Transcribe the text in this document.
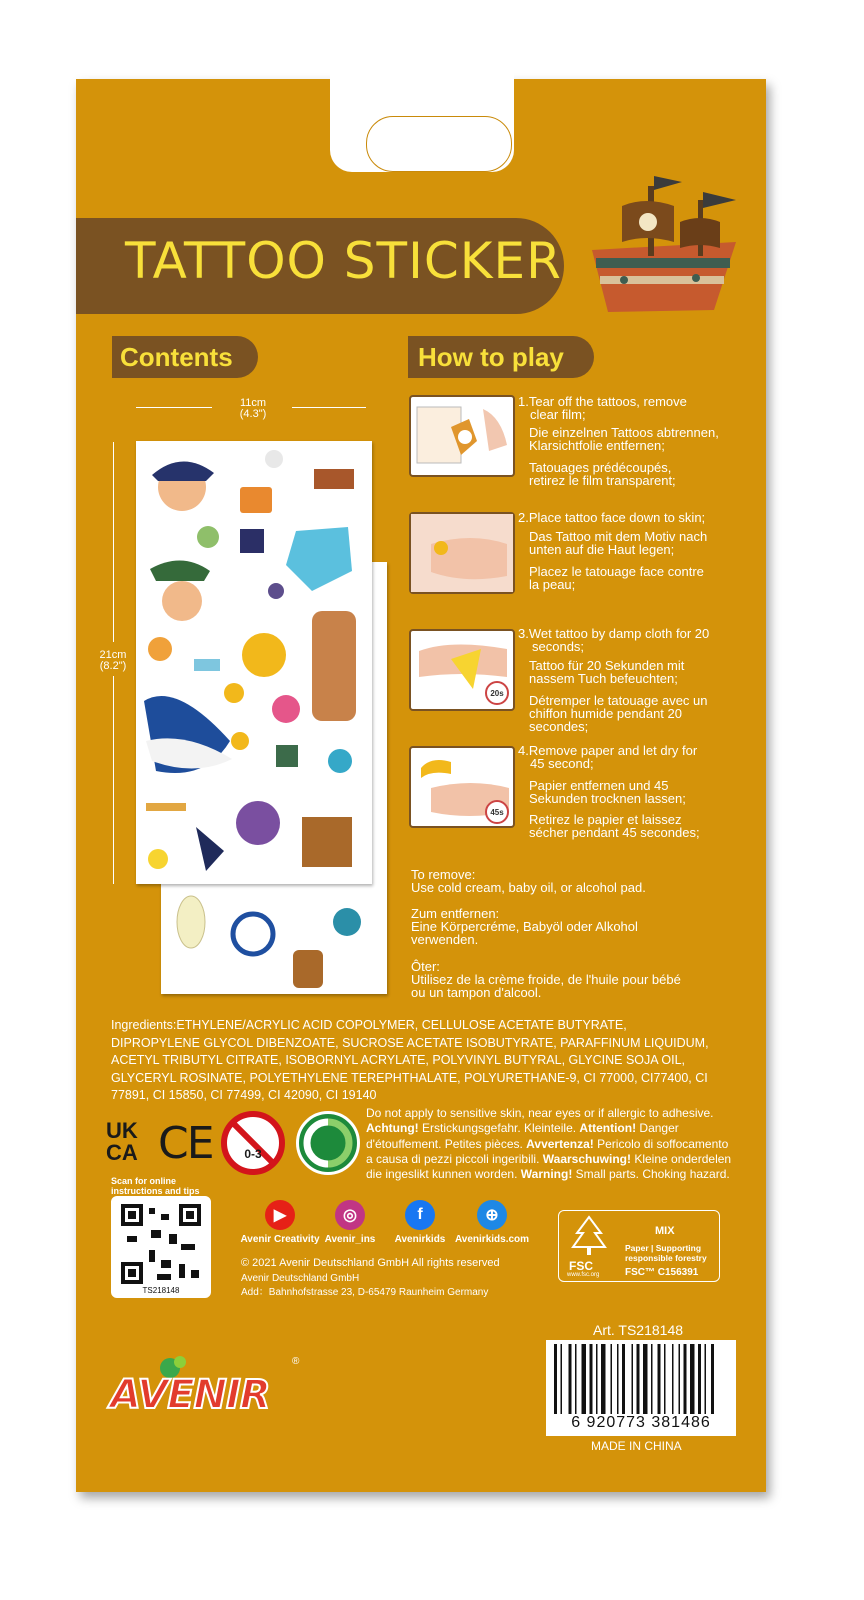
TATTOO STICKER
Contents	How to play
11cm
(4.3")
21cm
(8.2")
20s
45s
1.Tear off the tattoos, remove
clear film;
Die einzelnen Tattoos abtrennen,
Klarsichtfolie entfernen;
Tatouages prédécoupés,
retirez le film transparent;
2.Place tattoo face down to skin;
Das Tattoo mit dem Motiv nach
unten auf die Haut legen;
Placez le tatouage face contre
la peau;
3.Wet tattoo by damp cloth for 20
seconds;
Tattoo für 20 Sekunden mit
nassem Tuch befeuchten;
Détremper le tatouage avec un
chiffon humide pendant 20
secondes;
4.Remove paper and let dry for
45 second;
Papier entfernen und 45
Sekunden trocknen lassen;
Retirez le papier et laissez
sécher pendant 45 secondes;
To remove:
Use cold cream, baby oil, or alcohol pad.
Zum entfernen:
Eine Körpercréme, Babyöl oder Alkohol
verwenden.
Ôter:
Utilisez de la crème froide, de l'huile pour bébé
ou un tampon d'alcool.
Ingredients:ETHYLENE/ACRYLIC ACID COPOLYMER, CELLULOSE ACETATE BUTYRATE, DIPROPYLENE GLYCOL DIBENZOATE, SUCROSE ACETATE ISOBUTYRATE, PARAFFINUM LIQUIDUM, ACETYL TRIBUTYL CITRATE, ISOBORNYL ACRYLATE, POLYVINYL BUTYRAL, GLYCINE SOJA OIL, GLYCERYL ROSINATE, POLYETHYLENE TEREPHTHALATE, POLYURETHANE-9, CI 77000, CI77400, CI 77891, CI 15850, CI 77499, CI 42090, CI 19140
UK CA CE	0-3
Do not apply to sensitive skin, near eyes or if allergic to adhesive. Achtung! Erstickungsgefahr. Kleinteile. Attention! Danger d'étouffement. Petites pièces. Avvertenza! Pericolo di soffocamento a causa di pezzi piccoli ingeribili. Waarschuwing! Kleine onderdelen die ingeslikt kunnen worden. Warning! Small parts. Choking hazard.
Scan for online instructions and tips
TS218148
▶
Avenir Creativity
◎
Avenir_ins
f
Avenirkids
⊕
Avenirkids.com
© 2021 Avenir Deutschland GmbH All rights reserved
Avenir Deutschland GmbH
Add：Bahnhofstrasse 23, D-65479 Raunheim Germany
FSC
www.fsc.org
MIX
Paper | Supporting
responsible forestry
FSC™ C156391
Art. TS218148
6 920773 381486
MADE IN CHINA
AVENIR
®
